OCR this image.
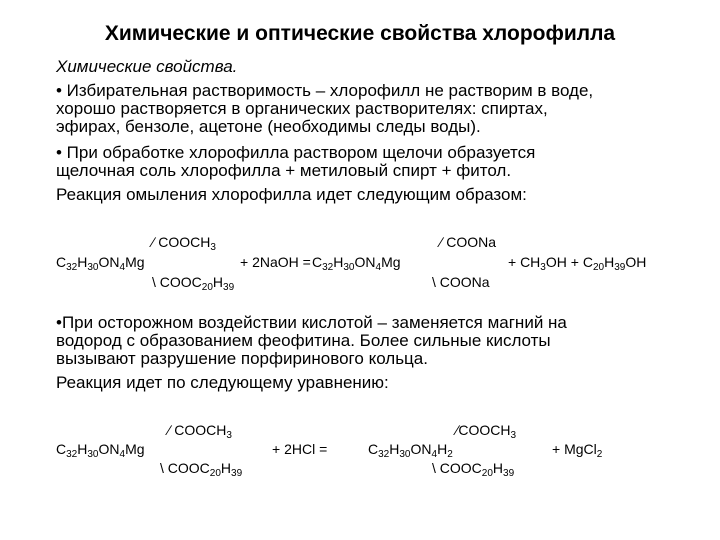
Химические и оптические свойства хлорофилла
Химические свойства.
• Избирательная растворимость – хлорофилл не растворим в воде,
хорошо растворяется в органических растворителях: спиртах,
эфирах, бензоле, ацетоне (необходимы следы воды).
• При обработке хлорофилла раствором щелочи образуется
щелочная соль хлорофилла + метиловый спирт + фитол.
Реакция омыления хлорофилла идет следующим образом:
∕ $COOCH_3$
$C_{32}H_{30}ON_4Mg$	+ 2NaOH = $C_{32}H_{30}ON_4Mg$
∕ COONa
+ $CH_3OH + C_{20}H_{39}OH$
\ $COOC_{20}H_{39}$	\ COONa
•При осторожном воздействии кислотой – заменяется магний на
водород с образованием феофитина. Более сильные кислоты
вызывают разрушение порфиринового кольца.
Реакция идет по следующему уравнению:
∕ $COOCH_3$
$C_{32}H_{30}ON_4Mg$	+ 2HCl =	$C_{32}H_{30}ON_4H_2$
$∕COOCH_3$
+ MgCl$_2$
\ $COOC_{20}H_{39}$	\ $COOC_{20}H_{39}$
